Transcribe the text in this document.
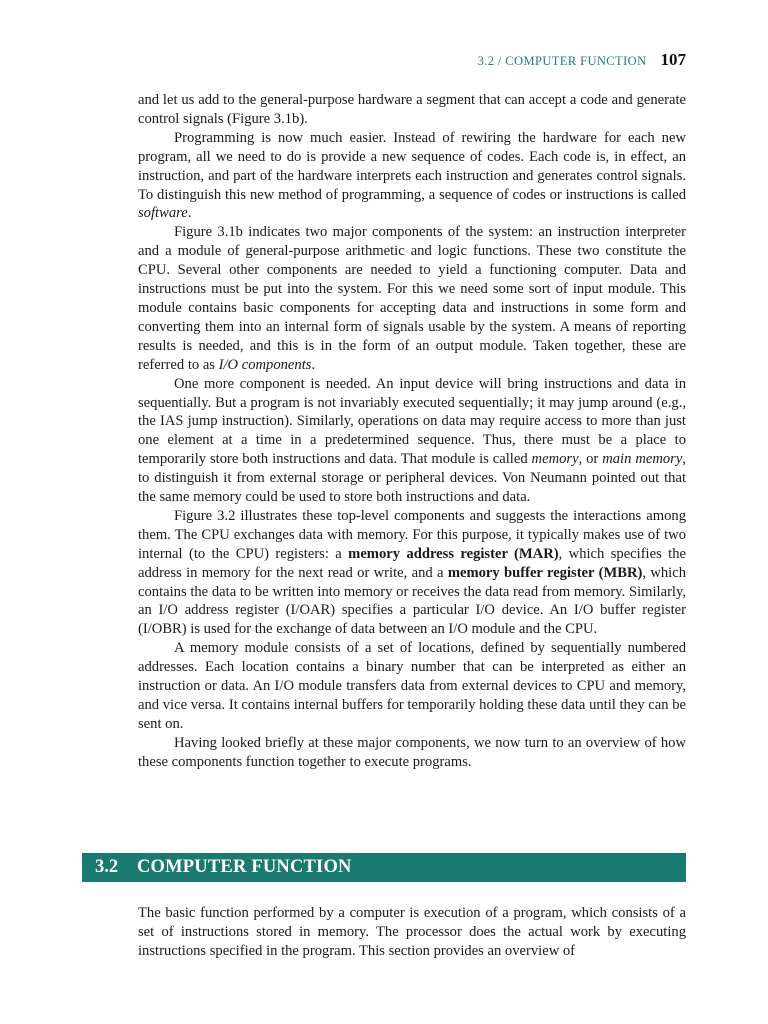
3.2 / COMPUTER FUNCTION 107

and let us add to the general-purpose hardware a segment that can accept a code and generate control signals (Figure 3.1b).

Programming is now much easier. Instead of rewiring the hardware for each new program, all we need to do is provide a new sequence of codes. Each code is, in effect, an instruction, and part of the hardware interprets each instruction and generates control signals. To distinguish this new method of programming, a sequence of codes or instructions is called software.

Figure 3.1b indicates two major components of the system: an instruction interpreter and a module of general-purpose arithmetic and logic functions. These two constitute the CPU. Several other components are needed to yield a functioning computer. Data and instructions must be put into the system. For this we need some sort of input module. This module contains basic components for accepting data and instructions in some form and converting them into an internal form of signals usable by the system. A means of reporting results is needed, and this is in the form of an output module. Taken together, these are referred to as I/O components.

One more component is needed. An input device will bring instructions and data in sequentially. But a program is not invariably executed sequentially; it may jump around (e.g., the IAS jump instruction). Similarly, operations on data may require access to more than just one element at a time in a predetermined sequence. Thus, there must be a place to temporarily store both instructions and data. That module is called memory, or main memory, to distinguish it from external storage or peripheral devices. Von Neumann pointed out that the same memory could be used to store both instructions and data.

Figure 3.2 illustrates these top-level components and suggests the interactions among them. The CPU exchanges data with memory. For this purpose, it typically makes use of two internal (to the CPU) registers: a memory address register (MAR), which specifies the address in memory for the next read or write, and a memory buffer register (MBR), which contains the data to be written into memory or receives the data read from memory. Similarly, an I/O address register (I/OAR) specifies a particular I/O device. An I/O buffer register (I/OBR) is used for the exchange of data between an I/O module and the CPU.

A memory module consists of a set of locations, defined by sequentially numbered addresses. Each location contains a binary number that can be interpreted as either an instruction or data. An I/O module transfers data from external devices to CPU and memory, and vice versa. It contains internal buffers for temporarily holding these data until they can be sent on.

Having looked briefly at these major components, we now turn to an overview of how these components function together to execute programs.

3.2	COMPUTER FUNCTION

The basic function performed by a computer is execution of a program, which consists of a set of instructions stored in memory. The processor does the actual work by executing instructions specified in the program. This section provides an overview of
